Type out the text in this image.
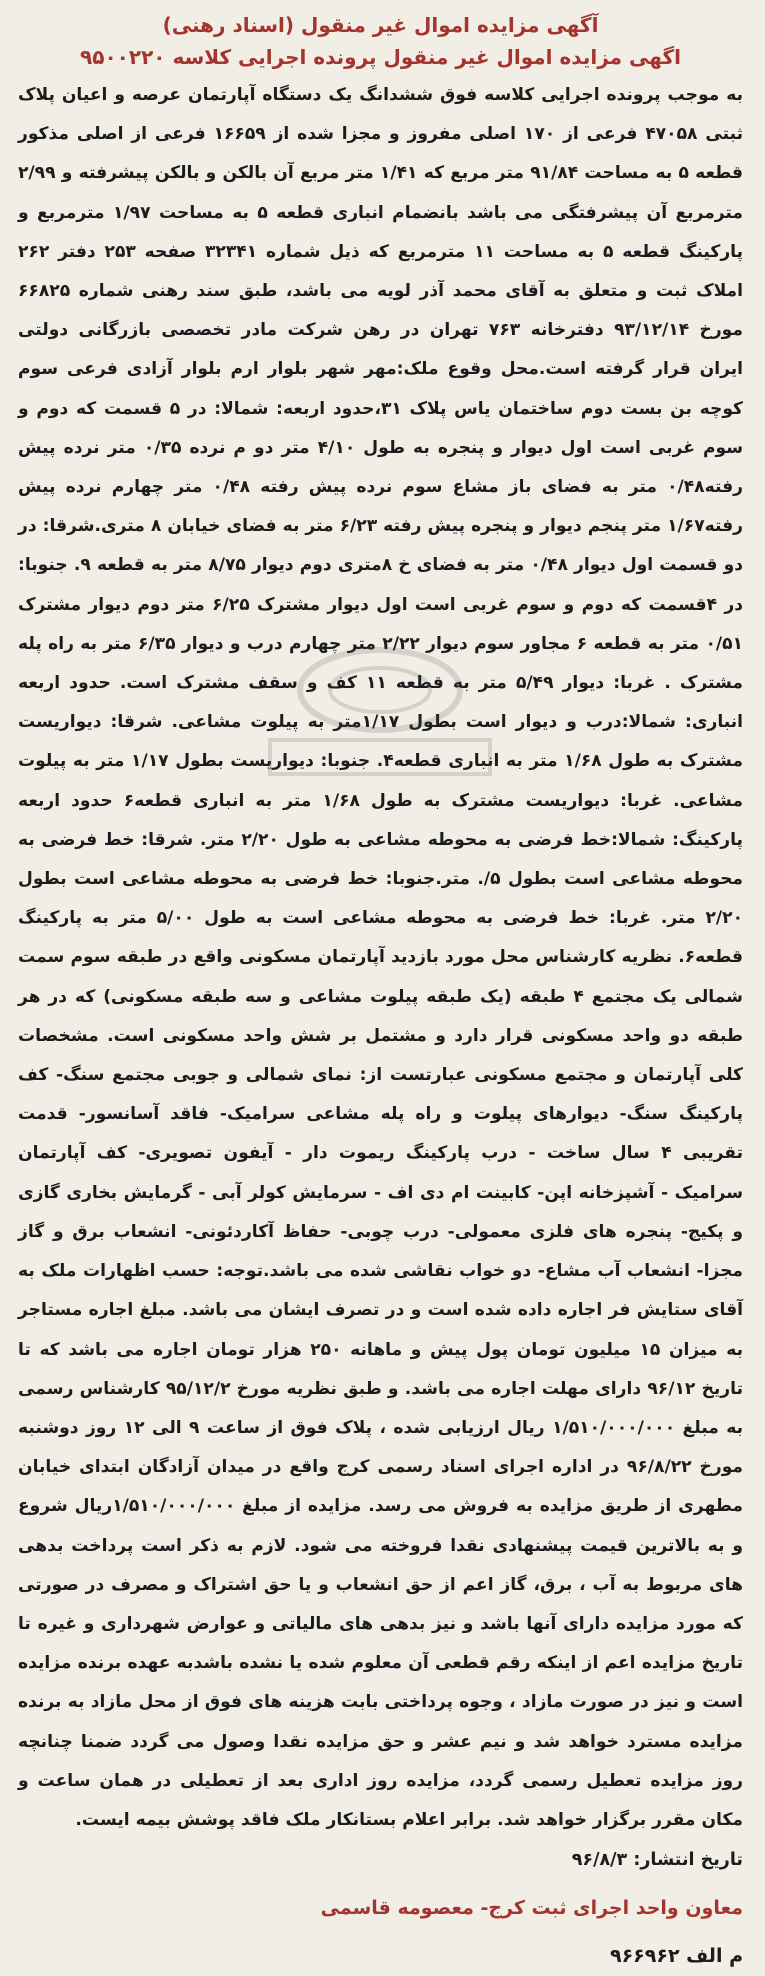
آگهی مزایده اموال غیر منقول (اسناد رهنی)
اگهی مزایده اموال غیر منقول پرونده اجرایی کلاسه ۹۵۰۰۲۲۰

به موجب پرونده اجرایی کلاسه فوق ششدانگ یک دستگاه آپارتمان عرصه و اعیان پلاک ثبتی ۴۷۰۵۸ فرعی از ۱۷۰ اصلی مفروز و مجزا شده از ۱۶۶۵۹ فرعی از اصلی مذکور قطعه ۵ به مساحت ۹۱/۸۴ متر مربع که ۱/۴۱ متر مربع آن بالکن و بالکن پیشرفته و ۲/۹۹ مترمربع آن پیشرفتگی می باشد بانضمام انباری قطعه ۵ به مساحت ۱/۹۷ مترمربع و پارکینگ قطعه ۵ به مساحت ۱۱ مترمربع که ذیل شماره ۳۲۳۴۱ صفحه ۲۵۳ دفتر ۲۶۲ املاک ثبت و متعلق به آقای محمد آذر لویه می باشد، طبق سند رهنی شماره ۶۶۸۲۵ مورخ ۹۳/۱۲/۱۴ دفترخانه ۷۶۳ تهران در رهن شرکت مادر تخصصی بازرگانی دولتی ایران قرار گرفته است.محل وقوع ملک:مهر شهر بلوار ارم بلوار آزادی فرعی سوم کوچه بن بست دوم ساختمان یاس پلاک ۳۱،حدود اربعه: شمالا: در ۵ قسمت که دوم و سوم غربی است اول دیوار و پنجره به طول ۴/۱۰ متر دو م نرده ۰/۳۵ متر نرده پیش رفته۰/۴۸ متر به فضای باز مشاع سوم نرده پیش رفته ۰/۴۸ متر چهارم نرده پیش رفته۱/۶۷ متر پنجم دیوار و پنجره پیش رفته ۶/۲۳ متر به فضای خیابان ۸ متری.شرقا: در دو قسمت اول دیوار ۰/۴۸ متر به فضای خ ۸متری دوم دیوار ۸/۷۵ متر به قطعه ۹. جنوبا: در ۴قسمت که دوم و سوم غربی است اول دیوار مشترک ۶/۲۵ متر دوم دیوار مشترک ۰/۵۱ متر به قطعه ۶ مجاور سوم دیوار ۲/۲۲ متر چهارم درب و دیوار ۶/۳۵ متر به راه پله مشترک . غربا: دیوار ۵/۴۹ متر به قطعه ۱۱ کف و سقف مشترک است. حدود اربعه انباری: شمالا:درب و دیوار است بطول ۱/۱۷متر به پیلوت مشاعی. شرقا: دیواریست مشترک به طول ۱/۶۸ متر به انباری قطعه۴. جنوبا: دیواریست بطول ۱/۱۷ متر به پیلوت مشاعی. غربا: دیواریست مشترک به طول ۱/۶۸ متر به انباری قطعه۶ حدود اربعه پارکینگ: شمالا:خط فرضی به محوطه مشاعی به طول ۲/۲۰ متر. شرقا: خط فرضی به محوطه مشاعی است بطول ۵/. متر.جنوبا: خط فرضی به محوطه مشاعی است بطول ۲/۲۰ متر. غربا: خط فرضی به محوطه مشاعی است به طول ۵/۰۰ متر به پارکینگ قطعه۶. نظریه کارشناس محل مورد بازدید آپارتمان مسکونی واقع در طبقه سوم سمت شمالی یک مجتمع ۴ طبقه (یک طبقه پیلوت مشاعی و سه طبقه مسکونی) که در هر طبقه دو واحد مسکونی قرار دارد و مشتمل بر شش واحد مسکونی است. مشخصات کلی آپارتمان و مجتمع مسکونی عبارتست از: نمای شمالی و جوبی مجتمع سنگ- کف پارکینگ سنگ- دیوارهای پیلوت و راه پله مشاعی سرامیک- فاقد آسانسور- قدمت تقریبی ۴ سال ساخت - درب پارکینگ ریموت دار - آیفون تصویری- کف آپارتمان سرامیک - آشپزخانه اپن- کابینت ام دی اف - سرمایش کولر آبی - گرمایش بخاری گازی و پکیج- پنجره های فلزی معمولی- درب چوبی- حفاظ آکاردئونی- انشعاب برق و گاز مجزا- انشعاب آب مشاع- دو خواب نقاشی شده می باشد.توجه: حسب اظهارات ملک به آقای ستایش فر اجاره داده شده است و در تصرف ایشان می باشد. مبلغ اجاره مستاجر به میزان ۱۵ میلیون تومان پول پیش و ماهانه ۲۵۰ هزار تومان اجاره می باشد که تا تاریخ ۹۶/۱۲ دارای مهلت اجاره می باشد. و طبق نظریه مورخ ۹۵/۱۲/۲ کارشناس رسمی به مبلغ ۱/۵۱۰/۰۰۰/۰۰۰ ریال ارزیابی شده ، پلاک فوق از ساعت ۹ الی ۱۲ روز دوشنبه مورخ ۹۶/۸/۲۲ در اداره اجرای اسناد رسمی کرج واقع در میدان آزادگان ابتدای خیابان مطهری از طریق مزایده به فروش می رسد. مزایده از مبلغ ۱/۵۱۰/۰۰۰/۰۰۰ریال شروع و به بالاترین قیمت پیشنهادی نقدا فروخته می شود. لازم به ذکر است پرداخت بدهی های مربوط به آب ، برق، گاز اعم از حق انشعاب و یا حق اشتراک و مصرف در صورتی که مورد مزایده دارای آنها باشد و نیز بدهی های مالیاتی و عوارض شهرداری و غیره تا تاریخ مزایده اعم از اینکه رقم قطعی آن معلوم شده یا نشده باشدبه عهده برنده مزایده است و نیز در صورت مازاد ، وجوه پرداختی بابت هزینه های فوق از محل مازاد به برنده مزایده مسترد خواهد شد و نیم عشر و حق مزایده نقدا وصول می گردد ضمنا چنانچه روز مزایده تعطیل رسمی گردد، مزایده روز اداری بعد از تعطیلی در همان ساعت و مکان مقرر برگزار خواهد شد. برابر اعلام بستانکار ملک فاقد پوشش بیمه ایست.

تاریخ انتشار: ۹۶/۸/۳
معاون واحد اجرای ثبت کرج- معصومه قاسمی
م الف ۹۶۶۹۶۲
